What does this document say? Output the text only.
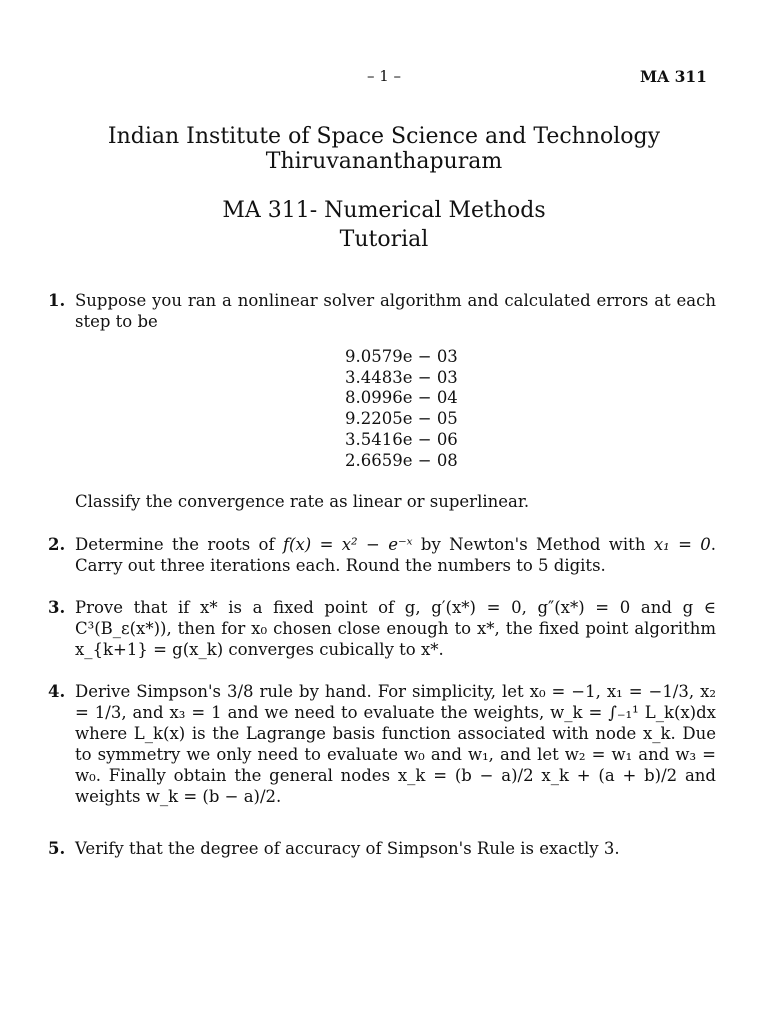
– 1 –	MA 311
Indian Institute of Space Science and Technology
Thiruvananthapuram
MA 311- Numerical Methods
Tutorial
1. Suppose you ran a nonlinear solver algorithm and calculated errors at each step to be
9.0579e − 03
3.4483e − 03
8.0996e − 04
9.2205e − 05
3.5416e − 06
2.6659e − 08
Classify the convergence rate as linear or superlinear.
2. Determine the roots of f(x) = x² − e⁻ˣ by Newton's Method with x₁ = 0. Carry out three iterations each. Round the numbers to 5 digits.
3. Prove that if x* is a fixed point of g, g′(x*) = 0, g″(x*) = 0 and g ∈ C³(B_ε(x*)), then for x₀ chosen close enough to x*, the fixed point algorithm x_{k+1} = g(x_k) converges cubically to x*.
4. Derive Simpson's 3/8 rule by hand. For simplicity, let x₀ = −1, x₁ = −1/3, x₂ = 1/3, and x₃ = 1 and we need to evaluate the weights, w_k = ∫₋₁¹ L_k(x)dx where L_k(x) is the Lagrange basis function associated with node x_k. Due to symmetry we only need to evaluate w₀ and w₁, and let w₂ = w₁ and w₃ = w₀. Finally obtain the general nodes x_k = (b − a)/2 x_k + (a + b)/2 and weights w_k = (b − a)/2.
5. Verify that the degree of accuracy of Simpson's Rule is exactly 3.
